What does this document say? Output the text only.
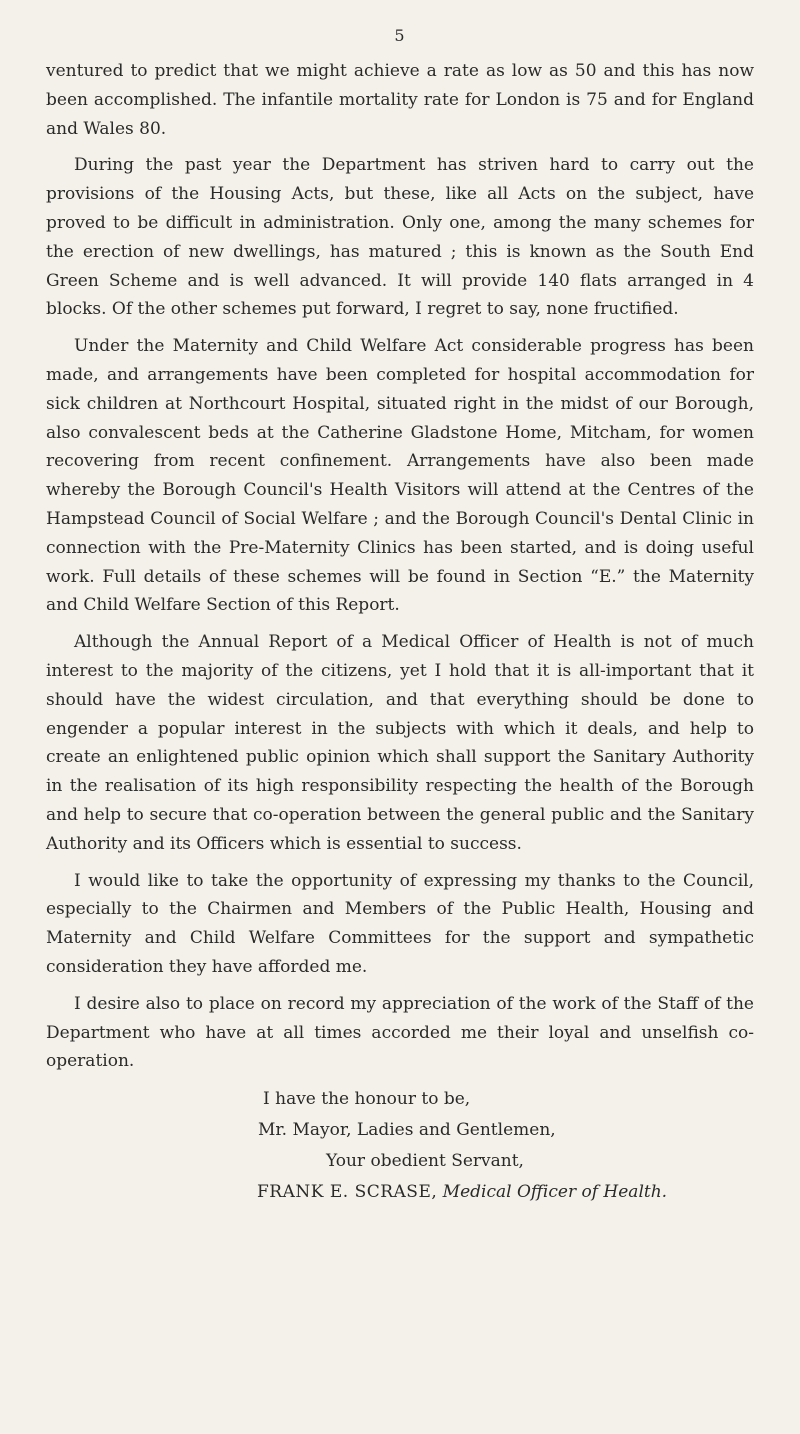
5

ventured to predict that we might achieve a rate as low as 50 and this has now been accomplished. The infantile mortality rate for London is 75 and for England and Wales 80.

During the past year the Department has striven hard to carry out the provisions of the Housing Acts, but these, like all Acts on the subject, have proved to be difficult in administration. Only one, among the many schemes for the erection of new dwellings, has matured ; this is known as the South End Green Scheme and is well advanced. It will provide 140 flats arranged in 4 blocks. Of the other schemes put forward, I regret to say, none fructified.

Under the Maternity and Child Welfare Act considerable progress has been made, and arrangements have been completed for hospital accommodation for sick children at Northcourt Hospital, situated right in the midst of our Borough, also convalescent beds at the Catherine Gladstone Home, Mitcham, for women recovering from recent confinement. Arrangements have also been made whereby the Borough Council's Health Visitors will attend at the Centres of the Hampstead Council of Social Welfare ; and the Borough Council's Dental Clinic in connection with the Pre-Maternity Clinics has been started, and is doing useful work. Full details of these schemes will be found in Section “E.” the Maternity and Child Welfare Section of this Report.

Although the Annual Report of a Medical Officer of Health is not of much interest to the majority of the citizens, yet I hold that it is all-important that it should have the widest circulation, and that everything should be done to engender a popular interest in the subjects with which it deals, and help to create an enlightened public opinion which shall support the Sanitary Authority in the realisation of its high responsibility respecting the health of the Borough and help to secure that co-operation between the general public and the Sanitary Authority and its Officers which is essential to success.

I would like to take the opportunity of expressing my thanks to the Council, especially to the Chairmen and Members of the Public Health, Housing and Maternity and Child Welfare Committees for the support and sympathetic consideration they have afforded me.

I desire also to place on record my appreciation of the work of the Staff of the Department who have at all times accorded me their loyal and unselfish co-operation.

I have the honour to be,
Mr. Mayor, Ladies and Gentlemen,
Your obedient Servant,
FRANK E. SCRASE, Medical Officer of Health.
